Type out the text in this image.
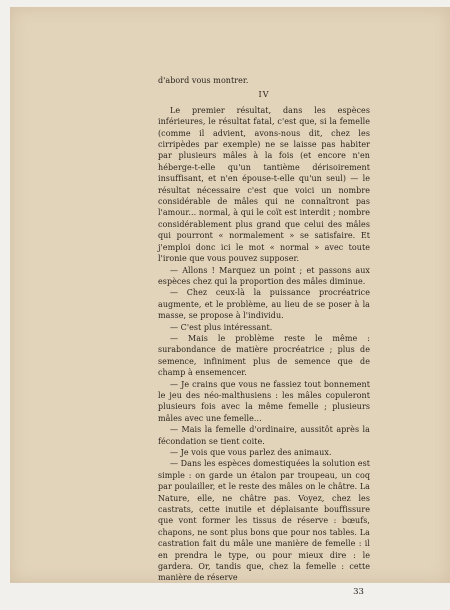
d'abord vous montrer.

IV

Le premier résultat, dans les espèces inférieures, le résultat fatal, c'est que, si la femelle (comme il advient, avons-nous dit, chez les cirripèdes par exemple) ne se laisse pas habiter par plusieurs mâles à la fois (et encore n'en héberge-t-elle qu'un tantième dérisoirement insuffisant, et n'en épouse-t-elle qu'un seul) — le résultat nécessaire c'est que voici un nombre considérable de mâles qui ne connaîtront pas l'amour... normal, à qui le coït est interdit ; nombre considérablement plus grand que celui des mâles qui pourront « normalement » se satisfaire. Et j'emploi donc ici le mot « normal » avec toute l'ironie que vous pouvez supposer.

— Allons ! Marquez un point ; et passons aux espèces chez qui la proportion des mâles diminue.

— Chez ceux-là la puissance procréatrice augmente, et le problème, au lieu de se poser à la masse, se propose à l'individu.

— C'est plus intéressant.

— Mais le problème reste le même : surabondance de matière procréatrice ; plus de semence, infiniment plus de semence que de champ à ensemencer.

— Je crains que vous ne fassiez tout bonnement le jeu des néo-malthusiens : les mâles copuleront plusieurs fois avec la même femelle ; plusieurs mâles avec une femelle...

— Mais la femelle d'ordinaire, aussitôt après la fécondation se tient coite.

— Je vois que vous parlez des animaux.

— Dans les espèces domestiquées la solution est simple : on garde un étalon par troupeau, un coq par poulailler, et le reste des mâles on le châtre. La Nature, elle, ne châtre pas. Voyez, chez les castrats, cette inutile et déplaisante bouffissure que vont former les tissus de réserve : bœufs, chapons, ne sont plus bons que pour nos tables. La castration fait du mâle une manière de femelle : il en prendra le type, ou pour mieux dire : le gardera. Or, tandis que, chez la femelle : cette manière de réserve

33
